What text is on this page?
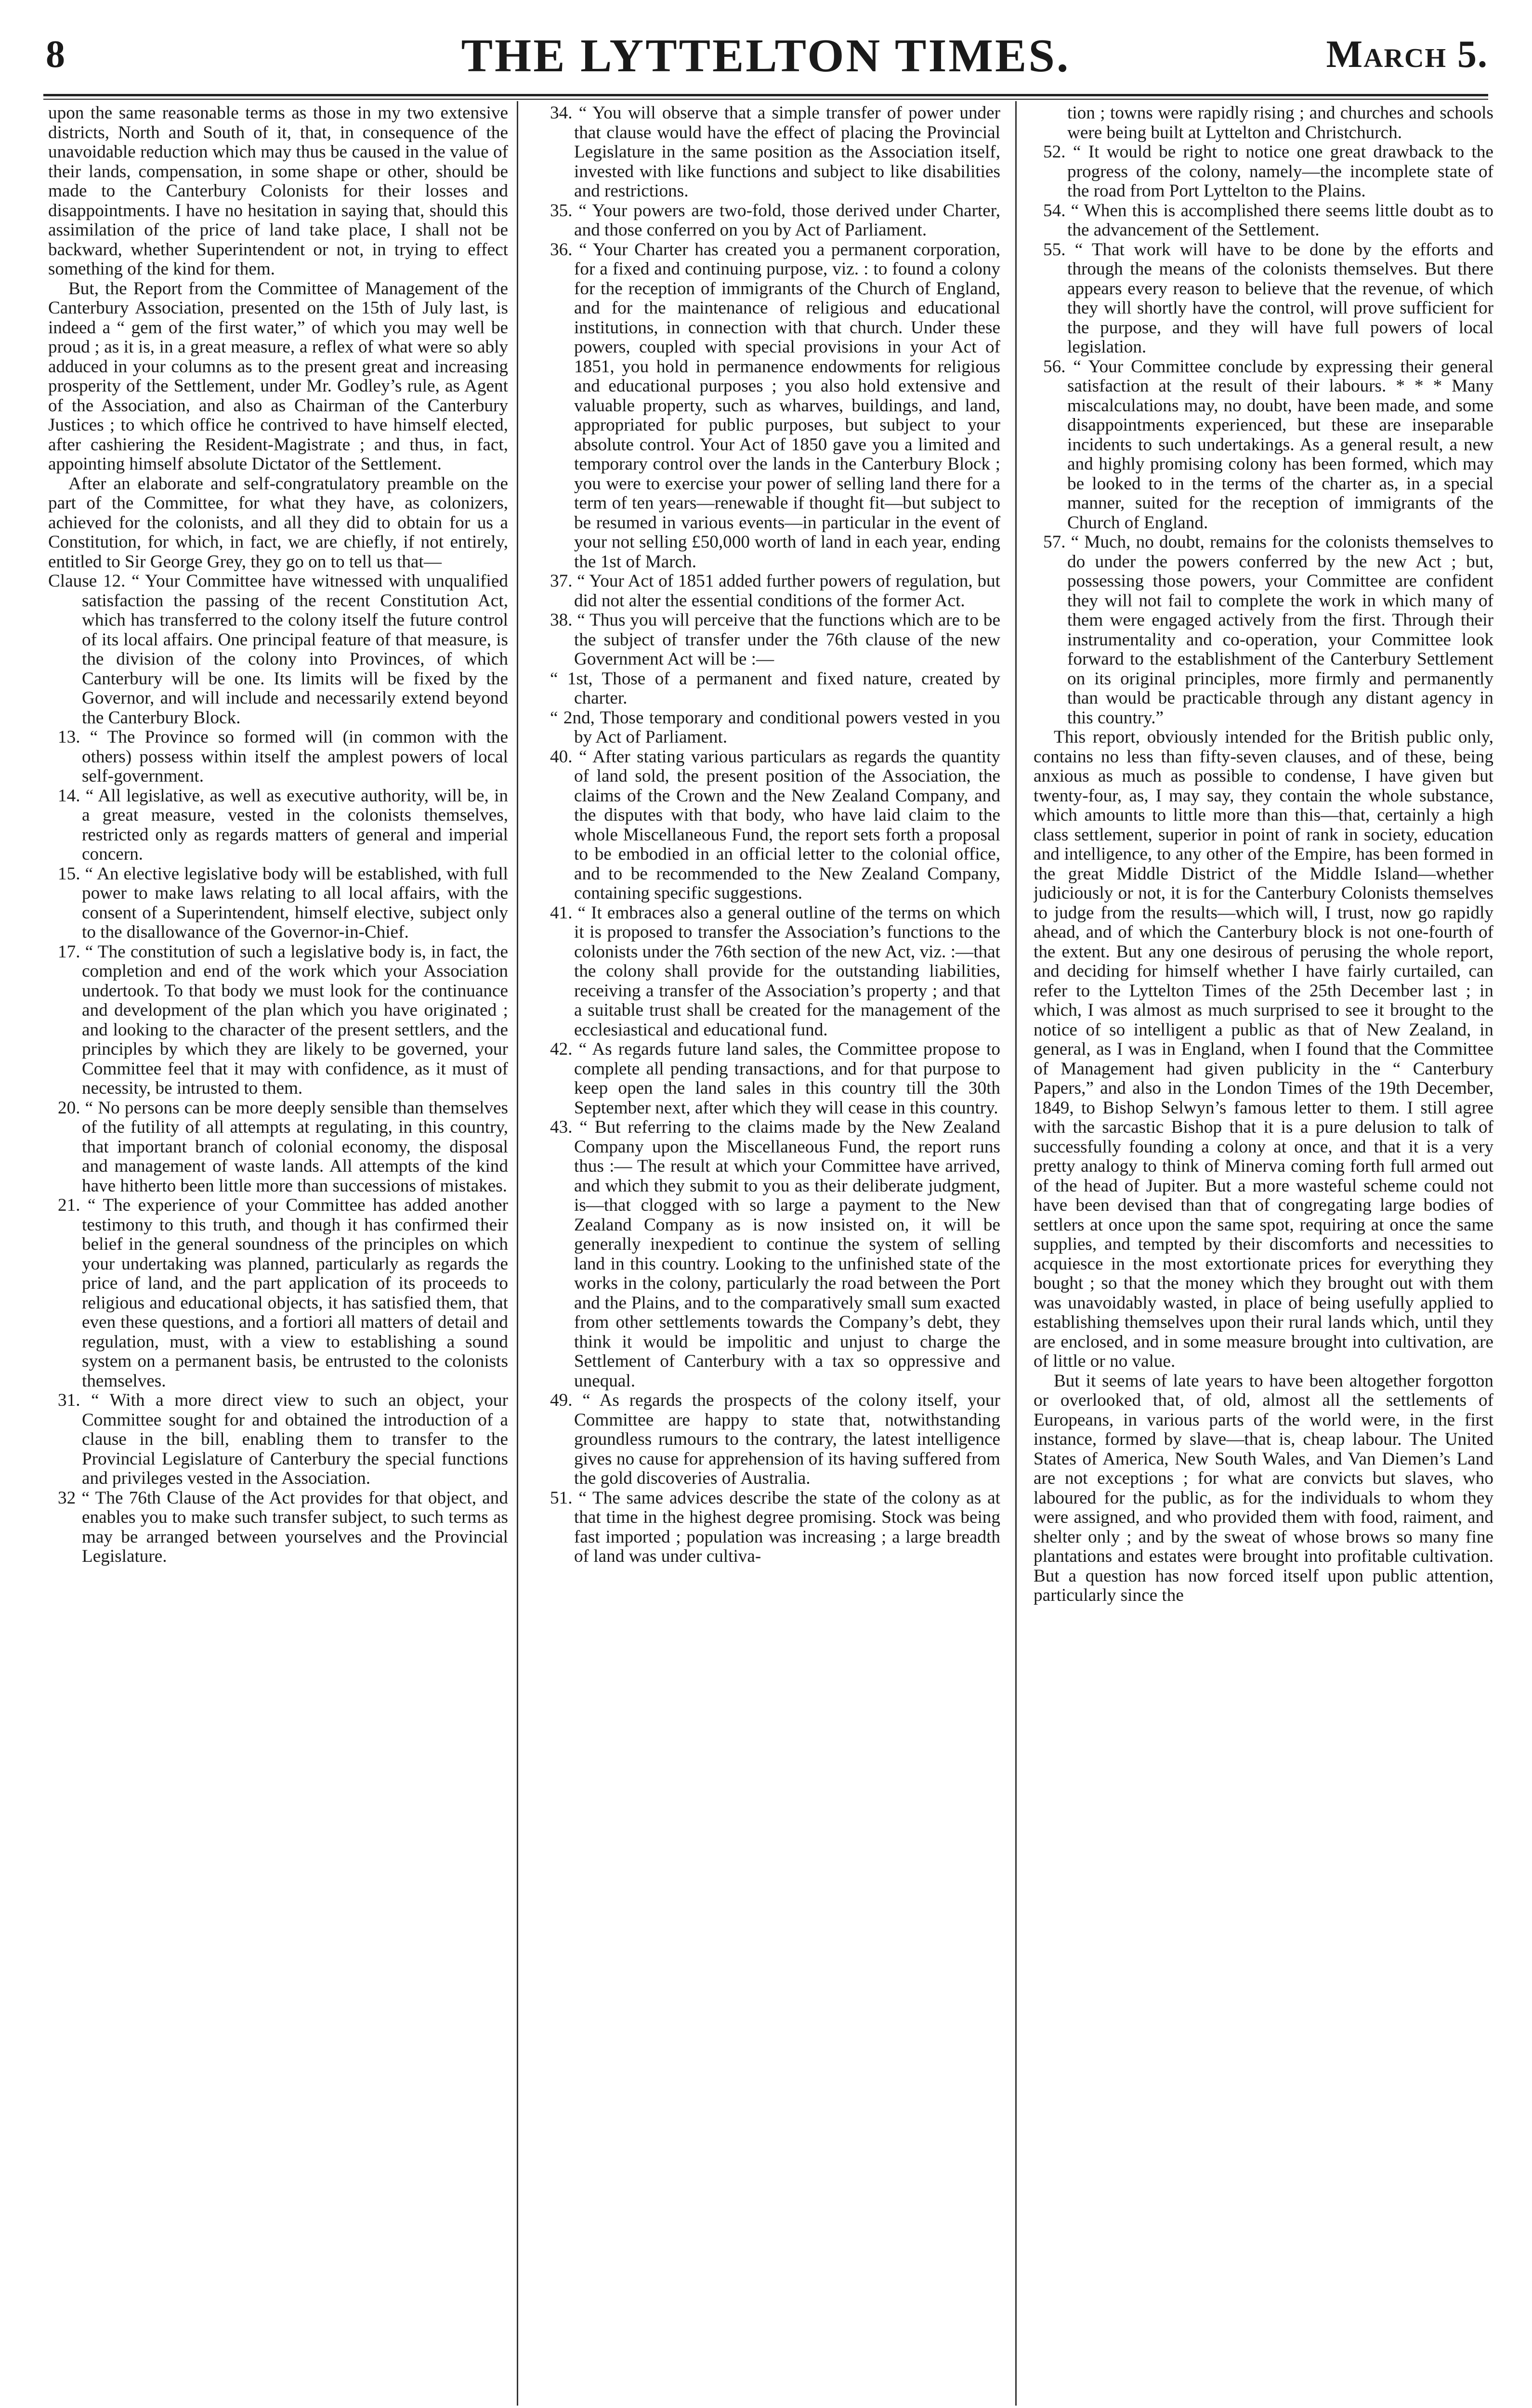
8	THE LYTTELTON TIMES.	March 5.

upon the same reasonable terms as those in my two extensive districts, North and South of it, that, in consequence of the unavoidable reduction which may thus be caused in the value of their lands, compensation, in some shape or other, should be made to the Canterbury Colonists for their losses and disappointments. I have no hesitation in saying that, should this assimilation of the price of land take place, I shall not be backward, whether Superintendent or not, in trying to effect something of the kind for them.

But, the Report from the Committee of Management of the Canterbury Association, presented on the 15th of July last, is indeed a “ gem of the first water,” of which you may well be proud ; as it is, in a great measure, a reflex of what were so ably adduced in your columns as to the present great and increasing prosperity of the Settlement, under Mr. Godley’s rule, as Agent of the Association, and also as Chairman of the Canterbury Justices ; to which office he contrived to have himself elected, after cashiering the Resident-Magistrate ; and thus, in fact, appointing himself absolute Dictator of the Settlement.

After an elaborate and self-congratulatory preamble on the part of the Committee, for what they have, as colonizers, achieved for the colonists, and all they did to obtain for us a Constitution, for which, in fact, we are chiefly, if not entirely, entitled to Sir George Grey, they go on to tell us that—

Clause 12. “ Your Committee have witnessed with unqualified satisfaction the passing of the recent Constitution Act, which has transferred to the colony itself the future control of its local affairs. One principal feature of that measure, is the division of the colony into Provinces, of which Canterbury will be one. Its limits will be fixed by the Governor, and will include and necessarily extend beyond the Canterbury Block.

13. “ The Province so formed will (in common with the others) possess within itself the amplest powers of local self-government.

14. “ All legislative, as well as executive authority, will be, in a great measure, vested in the colonists themselves, restricted only as regards matters of general and imperial concern.

15. “ An elective legislative body will be established, with full power to make laws relating to all local affairs, with the consent of a Superintendent, himself elective, subject only to the disallowance of the Governor-in-Chief.

17. “ The constitution of such a legislative body is, in fact, the completion and end of the work which your Association undertook. To that body we must look for the continuance and development of the plan which you have originated ; and looking to the character of the present settlers, and the principles by which they are likely to be governed, your Committee feel that it may with confidence, as it must of necessity, be intrusted to them.

20. “ No persons can be more deeply sensible than themselves of the futility of all attempts at regulating, in this country, that important branch of colonial economy, the disposal and management of waste lands. All attempts of the kind have hitherto been little more than successions of mistakes.

21. “ The experience of your Committee has added another testimony to this truth, and though it has confirmed their belief in the general soundness of the principles on which your undertaking was planned, particularly as regards the price of land, and the part application of its proceeds to religious and educational objects, it has satisfied them, that even these questions, and a fortiori all matters of detail and regulation, must, with a view to establishing a sound system on a permanent basis, be entrusted to the colonists themselves.

31. “ With a more direct view to such an object, your Committee sought for and obtained the introduction of a clause in the bill, enabling them to transfer to the Provincial Legislature of Canterbury the special functions and privileges vested in the Association.

32 “ The 76th Clause of the Act provides for that object, and enables you to make such transfer subject, to such terms as may be arranged between yourselves and the Provincial Legislature.

34. “ You will observe that a simple transfer of power under that clause would have the effect of placing the Provincial Legislature in the same position as the Association itself, invested with like functions and subject to like disabilities and restrictions.

35. “ Your powers are two-fold, those derived under Charter, and those conferred on you by Act of Parliament.

36. “ Your Charter has created you a permanent corporation, for a fixed and continuing purpose, viz. : to found a colony for the reception of immigrants of the Church of England, and for the maintenance of religious and educational institutions, in connection with that church. Under these powers, coupled with special provisions in your Act of 1851, you hold in permanence endowments for religious and educational purposes ; you also hold extensive and valuable property, such as wharves, buildings, and land, appropriated for public purposes, but subject to your absolute control. Your Act of 1850 gave you a limited and temporary control over the lands in the Canterbury Block ; you were to exercise your power of selling land there for a term of ten years—renewable if thought fit—but subject to be resumed in various events—in particular in the event of your not selling £50,000 worth of land in each year, ending the 1st of March.

37. “ Your Act of 1851 added further powers of regulation, but did not alter the essential conditions of the former Act.

38. “ Thus you will perceive that the functions which are to be the subject of transfer under the 76th clause of the new Government Act will be :—

“ 1st, Those of a permanent and fixed nature, created by charter.

“ 2nd, Those temporary and conditional powers vested in you by Act of Parliament.

40. “ After stating various particulars as regards the quantity of land sold, the present position of the Association, the claims of the Crown and the New Zealand Company, and the disputes with that body, who have laid claim to the whole Miscellaneous Fund, the report sets forth a proposal to be embodied in an official letter to the colonial office, and to be recommended to the New Zealand Company, containing specific suggestions.

41. “ It embraces also a general outline of the terms on which it is proposed to transfer the Association’s functions to the colonists under the 76th section of the new Act, viz. :—that the colony shall provide for the outstanding liabilities, receiving a transfer of the Association’s property ; and that a suitable trust shall be created for the management of the ecclesiastical and educational fund.

42. “ As regards future land sales, the Committee propose to complete all pending transactions, and for that purpose to keep open the land sales in this country till the 30th September next, after which they will cease in this country.

43. “ But referring to the claims made by the New Zealand Company upon the Miscellaneous Fund, the report runs thus :— The result at which your Committee have arrived, and which they submit to you as their deliberate judgment, is—that clogged with so large a payment to the New Zealand Company as is now insisted on, it will be generally inexpedient to continue the system of selling land in this country. Looking to the unfinished state of the works in the colony, particularly the road between the Port and the Plains, and to the comparatively small sum exacted from other settlements towards the Company’s debt, they think it would be impolitic and unjust to charge the Settlement of Canterbury with a tax so oppressive and unequal.

49. “ As regards the prospects of the colony itself, your Committee are happy to state that, notwithstanding groundless rumours to the contrary, the latest intelligence gives no cause for apprehension of its having suffered from the gold discoveries of Australia.

51. “ The same advices describe the state of the colony as at that time in the highest degree promising. Stock was being fast imported ; population was increasing ; a large breadth of land was under cultiva-

tion ; towns were rapidly rising ; and churches and schools were being built at Lyttelton and Christchurch.

52. “ It would be right to notice one great drawback to the progress of the colony, namely—the incomplete state of the road from Port Lyttelton to the Plains.

54. “ When this is accomplished there seems little doubt as to the advancement of the Settlement.

55. “ That work will have to be done by the efforts and through the means of the colonists themselves. But there appears every reason to believe that the revenue, of which they will shortly have the control, will prove sufficient for the purpose, and they will have full powers of local legislation.

56. “ Your Committee conclude by expressing their general satisfaction at the result of their labours. * * * Many miscalculations may, no doubt, have been made, and some disappointments experienced, but these are inseparable incidents to such undertakings. As a general result, a new and highly promising colony has been formed, which may be looked to in the terms of the charter as, in a special manner, suited for the reception of immigrants of the Church of England.

57. “ Much, no doubt, remains for the colonists themselves to do under the powers conferred by the new Act ; but, possessing those powers, your Committee are confident they will not fail to complete the work in which many of them were engaged actively from the first. Through their instrumentality and co-operation, your Committee look forward to the establishment of the Canterbury Settlement on its original principles, more firmly and permanently than would be practicable through any distant agency in this country.”

This report, obviously intended for the British public only, contains no less than fifty-seven clauses, and of these, being anxious as much as possible to condense, I have given but twenty-four, as, I may say, they contain the whole substance, which amounts to little more than this—that, certainly a high class settlement, superior in point of rank in society, education and intelligence, to any other of the Empire, has been formed in the great Middle District of the Middle Island—whether judiciously or not, it is for the Canterbury Colonists themselves to judge from the results—which will, I trust, now go rapidly ahead, and of which the Canterbury block is not one-fourth of the extent. But any one desirous of perusing the whole report, and deciding for himself whether I have fairly curtailed, can refer to the Lyttelton Times of the 25th December last ; in which, I was almost as much surprised to see it brought to the notice of so intelligent a public as that of New Zealand, in general, as I was in England, when I found that the Committee of Management had given publicity in the “ Canterbury Papers,” and also in the London Times of the 19th December, 1849, to Bishop Selwyn’s famous letter to them. I still agree with the sarcastic Bishop that it is a pure delusion to talk of successfully founding a colony at once, and that it is a very pretty analogy to think of Minerva coming forth full armed out of the head of Jupiter. But a more wasteful scheme could not have been devised than that of congregating large bodies of settlers at once upon the same spot, requiring at once the same supplies, and tempted by their discomforts and necessities to acquiesce in the most extortionate prices for everything they bought ; so that the money which they brought out with them was unavoidably wasted, in place of being usefully applied to establishing themselves upon their rural lands which, until they are enclosed, and in some measure brought into cultivation, are of little or no value.

But it seems of late years to have been altogether forgotton or overlooked that, of old, almost all the settlements of Europeans, in various parts of the world were, in the first instance, formed by slave—that is, cheap labour. The United States of America, New South Wales, and Van Diemen’s Land are not exceptions ; for what are convicts but slaves, who laboured for the public, as for the individuals to whom they were assigned, and who provided them with food, raiment, and shelter only ; and by the sweat of whose brows so many fine plantations and estates were brought into profitable cultivation. But a question has now forced itself upon public attention, particularly since the
